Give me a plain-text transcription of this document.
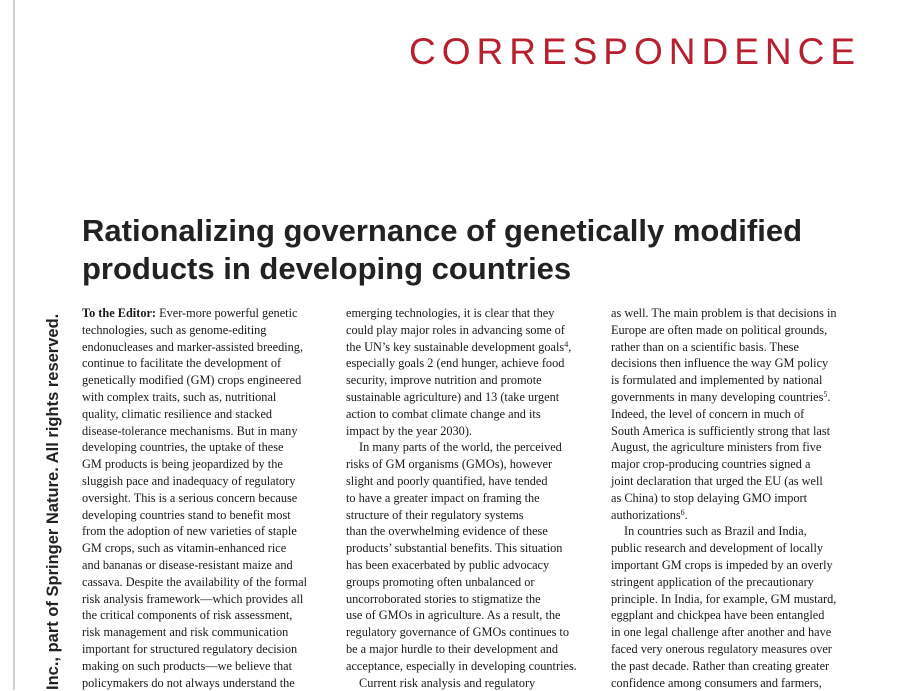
Inc., part of Springer Nature. All rights reserved.
CORRESPONDENCE
Rationalizing governance of genetically modified
products in developing countries
To the Editor: Ever-more powerful genetic
technologies, such as genome-editing
endonucleases and marker-assisted breeding,
continue to facilitate the development of
genetically modified (GM) crops engineered
with complex traits, such as, nutritional
quality, climatic resilience and stacked
disease-tolerance mechanisms. But in many
developing countries, the uptake of these
GM products is being jeopardized by the
sluggish pace and inadequacy of regulatory
oversight. This is a serious concern because
developing countries stand to benefit most
from the adoption of new varieties of staple
GM crops, such as vitamin-enhanced rice
and bananas or disease-resistant maize and
cassava. Despite the availability of the formal
risk analysis framework—which provides all
the critical components of risk assessment,
risk management and risk communication
important for structured regulatory decision
making on such products—we believe that
policymakers do not always understand the
emerging technologies, it is clear that they
could play major roles in advancing some of
the UN’s key sustainable development goals$^4$,
especially goals 2 (end hunger, achieve food
security, improve nutrition and promote
sustainable agriculture) and 13 (take urgent
action to combat climate change and its
impact by the year 2030).
In many parts of the world, the perceived
risks of GM organisms (GMOs), however
slight and poorly quantified, have tended
to have a greater impact on framing the
structure of their regulatory systems
than the overwhelming evidence of these
products’ substantial benefits. This situation
has been exacerbated by public advocacy
groups promoting often unbalanced or
uncorroborated stories to stigmatize the
use of GMOs in agriculture. As a result, the
regulatory governance of GMOs continues to
be a major hurdle to their development and
acceptance, especially in developing countries.
Current risk analysis and regulatory
as well. The main problem is that decisions in
Europe are often made on political grounds,
rather than on a scientific basis. These
decisions then influence the way GM policy
is formulated and implemented by national
governments in many developing countries$^5$.
Indeed, the level of concern in much of
South America is sufficiently strong that last
August, the agriculture ministers from five
major crop-producing countries signed a
joint declaration that urged the EU (as well
as China) to stop delaying GMO import
authorizations$^6$.
In countries such as Brazil and India,
public research and development of locally
important GM crops is impeded by an overly
stringent application of the precautionary
principle. In India, for example, GM mustard,
eggplant and chickpea have been entangled
in one legal challenge after another and have
faced very onerous regulatory measures over
the past decade. Rather than creating greater
confidence among consumers and farmers,
